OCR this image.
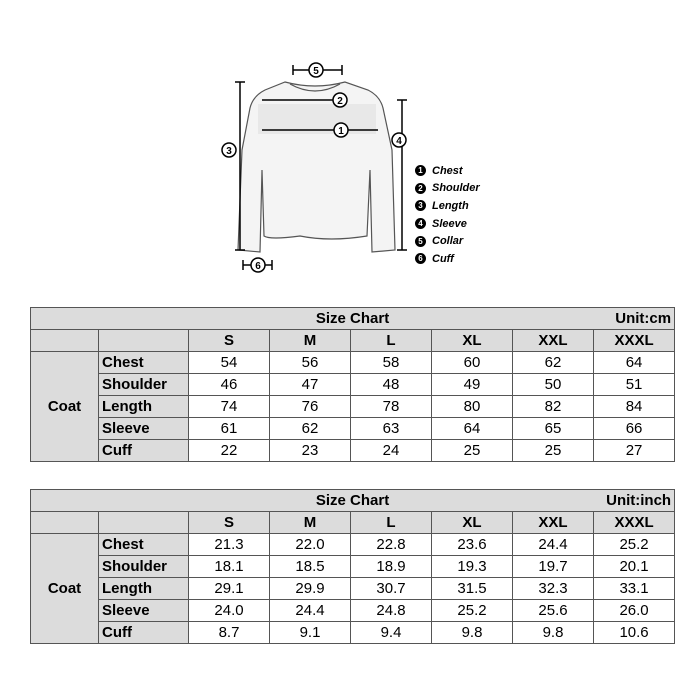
5
2
1
3
4
6
1 Chest
2 Shoulder
3 Length
4 Sleeve
5 Collar
6 Cuff
Size Chart Unit:cm							

		S	M	L	XL	XXL	XXXL
Coat	Chest	54	56	58	60	62	64
	Shoulder	46	47	48	49	50	51
	Length	74	76	78	80	82	84
	Sleeve	61	62	63	64	65	66
	Cuff	22	23	24	25	25	27
Size Chart Unit:inch							

		S	M	L	XL	XXL	XXXL
Coat	Chest	21.3	22.0	22.8	23.6	24.4	25.2
	Shoulder	18.1	18.5	18.9	19.3	19.7	20.1
	Length	29.1	29.9	30.7	31.5	32.3	33.1
	Sleeve	24.0	24.4	24.8	25.2	25.6	26.0
	Cuff	8.7	9.1	9.4	9.8	9.8	10.6
